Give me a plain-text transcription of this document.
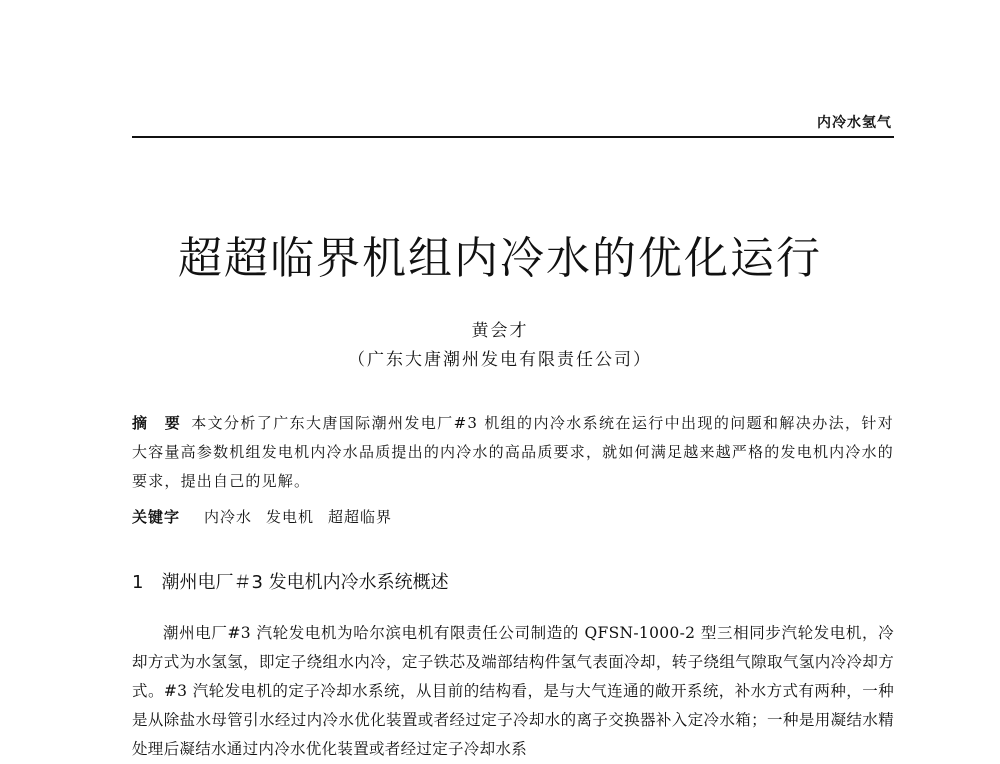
内冷水氢气
超超临界机组内冷水的优化运行
黄会才
（广东大唐潮州发电有限责任公司）
摘　要 本文分析了广东大唐国际潮州发电厂#3 机组的内冷水系统在运行中出现的问题和解决办法，针对大容量高参数机组发电机内冷水品质提出的内冷水的高品质要求，就如何满足越来越严格的发电机内冷水的要求，提出自己的见解。
关键字 内冷水 发电机 超超临界
1 潮州电厂＃3 发电机内冷水系统概述
潮州电厂#3 汽轮发电机为哈尔滨电机有限责任公司制造的 QFSN-1000-2 型三相同步汽轮发电机，冷却方式为水氢氢，即定子绕组水内冷，定子铁芯及端部结构件氢气表面冷却，转子绕组气隙取气氢内冷冷却方式。#3 汽轮发电机的定子冷却水系统，从目前的结构看，是与大气连通的敞开系统，补水方式有两种，一种是从除盐水母管引水经过内冷水优化装置或者经过定子冷却水的离子交换器补入定冷水箱；一种是用凝结水精处理后凝结水通过内冷水优化装置或者经过定子冷却水系
